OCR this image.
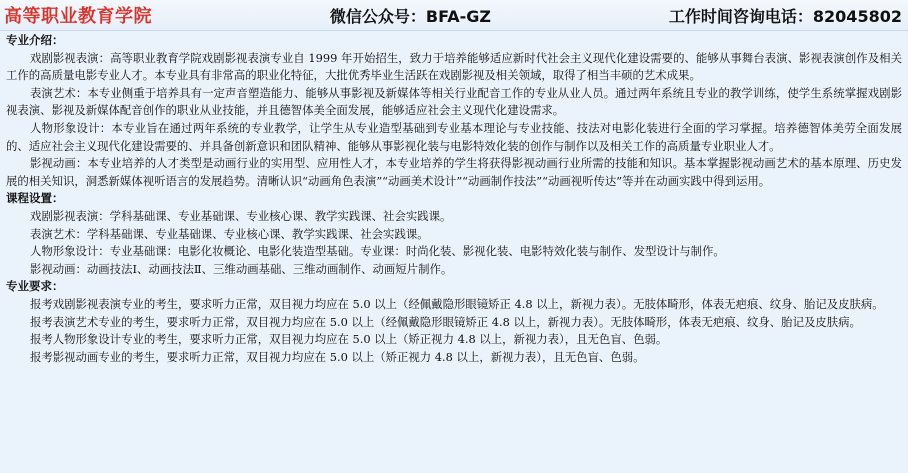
高等职业教育学院	微信公众号：BFA-GZ	工作时间咨询电话：82045802

专业介绍：

戏剧影视表演：高等职业教育学院戏剧影视表演专业自 1999 年开始招生，致力于培养能够适应新时代社会主义现代化建设需要的、能够从事舞台表演、影视表演创作及相关工作的高质量电影专业人才。本专业具有非常高的职业化特征，大批优秀毕业生活跃在戏剧影视及相关领域，取得了相当丰硕的艺术成果。

表演艺术：本专业侧重于培养具有一定声音塑造能力、能够从事影视及新媒体等相关行业配音工作的专业从业人员。通过两年系统且专业的教学训练，使学生系统掌握戏剧影视表演、影视及新媒体配音创作的职业从业技能，并且德智体美全面发展，能够适应社会主义现代化建设需求。

人物形象设计：本专业旨在通过两年系统的专业教学，让学生从专业造型基础到专业基本理论与专业技能、技法对电影化装进行全面的学习掌握。培养德智体美劳全面发展的、适应社会主义现代化建设需要的、并具备创新意识和团队精神、能够从事影视化装与电影特效化装的创作与制作以及相关工作的高质量专业职业人才。

影视动画：本专业培养的人才类型是动画行业的实用型、应用性人才，本专业培养的学生将获得影视动画行业所需的技能和知识。基本掌握影视动画艺术的基本原理、历史发展的相关知识，洞悉新媒体视听语言的发展趋势。清晰认识“动画角色表演”“动画美术设计”“动画制作技法”“动画视听传达”等并在动画实践中得到运用。

课程设置：

戏剧影视表演：学科基础课、专业基础课、专业核心课、教学实践课、社会实践课。

表演艺术：学科基础课、专业基础课、专业核心课、教学实践课、社会实践课。

人物形象设计：专业基础课：电影化妆概论、电影化装造型基础。专业课：时尚化装、影视化装、电影特效化装与制作、发型设计与制作。

影视动画：动画技法Ⅰ、动画技法Ⅱ、三维动画基础、三维动画制作、动画短片制作。

专业要求：

报考戏剧影视表演专业的考生，要求听力正常，双目视力均应在 5.0 以上（经佩戴隐形眼镜矫正 4.8 以上，新视力表）。无肢体畸形，体表无疤痕、纹身、胎记及皮肤病。

报考表演艺术专业的考生，要求听力正常，双目视力均应在 5.0 以上（经佩戴隐形眼镜矫正 4.8 以上，新视力表）。无肢体畸形，体表无疤痕、纹身、胎记及皮肤病。

报考人物形象设计专业的考生，要求听力正常，双目视力均应在 5.0 以上（矫正视力 4.8 以上，新视力表），且无色盲、色弱。

报考影视动画专业的考生，要求听力正常，双目视力均应在 5.0 以上（矫正视力 4.8 以上，新视力表），且无色盲、色弱。
